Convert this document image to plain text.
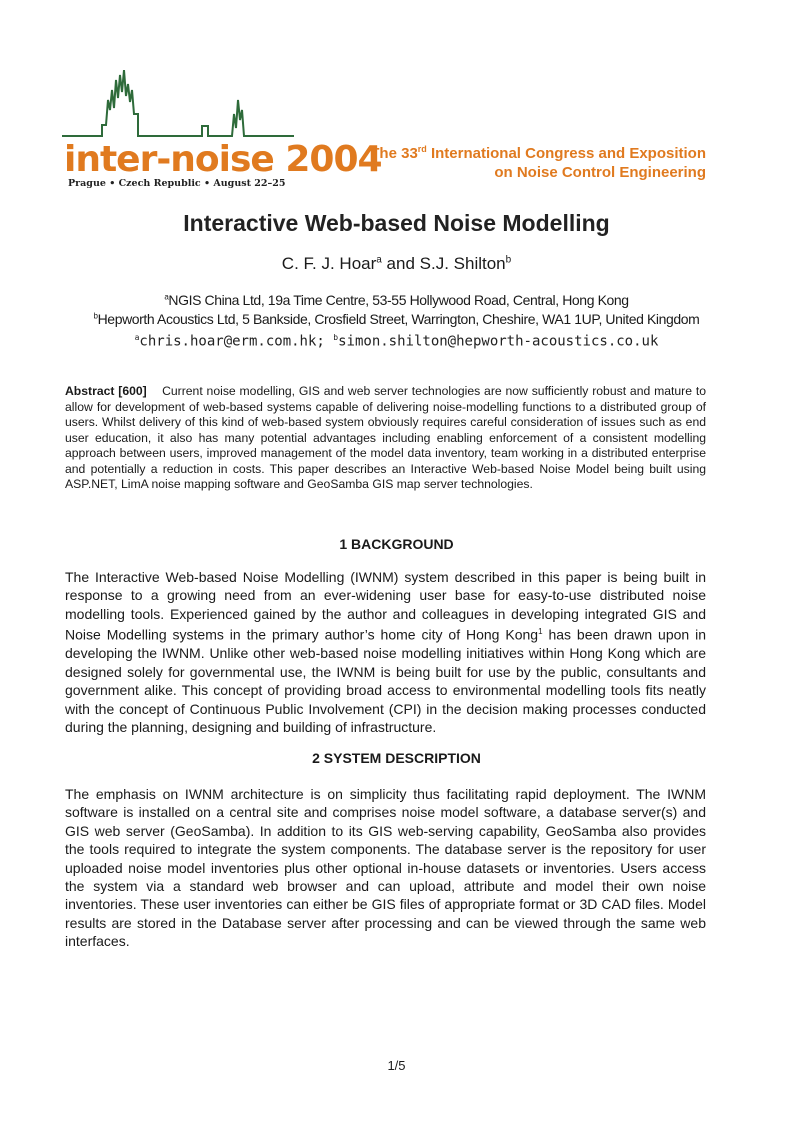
inter-noise 2004
Prague • Czech Republic • August 22–25
The 33rd International Congress and Exposition
on Noise Control Engineering
Interactive Web-based Noise Modelling
C. F. J. Hoar$^a$ and S.J. Shilton$^b$
$^a$NGIS China Ltd, 19a Time Centre, 53-55 Hollywood Road, Central, Hong Kong
$^b$Hepworth Acoustics Ltd, 5 Bankside, Crosfield Street, Warrington, Cheshire, WA1 1UP, United Kingdom
$^a$chris.hoar@erm.com.hk; $^b$simon.shilton@hepworth-acoustics.co.uk
Abstract [600] Current noise modelling, GIS and web server technologies are now sufficiently robust and mature to allow for development of web-based systems capable of delivering noise-modelling functions to a distributed group of users. Whilst delivery of this kind of web-based system obviously requires careful consideration of issues such as end user education, it also has many potential advantages including enabling enforcement of a consistent modelling approach between users, improved management of the model data inventory, team working in a distributed enterprise and potentially a reduction in costs. This paper describes an Interactive Web-based Noise Model being built using ASP.NET, LimA noise mapping software and GeoSamba GIS map server technologies.
1 BACKGROUND
The Interactive Web-based Noise Modelling (IWNM) system described in this paper is being built in response to a growing need from an ever-widening user base for easy-to-use distributed noise modelling tools. Experienced gained by the author and colleagues in developing integrated GIS and Noise Modelling systems in the primary author’s home city of Hong Kong$^1$ has been drawn upon in developing the IWNM. Unlike other web-based noise modelling initiatives within Hong Kong which are designed solely for governmental use, the IWNM is being built for use by the public, consultants and government alike. This concept of providing broad access to environmental modelling tools fits neatly with the concept of Continuous Public Involvement (CPI) in the decision making processes conducted during the planning, designing and building of infrastructure.
2 SYSTEM DESCRIPTION
The emphasis on IWNM architecture is on simplicity thus facilitating rapid deployment. The IWNM software is installed on a central site and comprises noise model software, a database server(s) and GIS web server (GeoSamba). In addition to its GIS web-serving capability, GeoSamba also provides the tools required to integrate the system components. The database server is the repository for user uploaded noise model inventories plus other optional in-house datasets or inventories. Users access the system via a standard web browser and can upload, attribute and model their own noise inventories. These user inventories can either be GIS files of appropriate format or 3D CAD files. Model results are stored in the Database server after processing and can be viewed through the same web interfaces.
1/5
